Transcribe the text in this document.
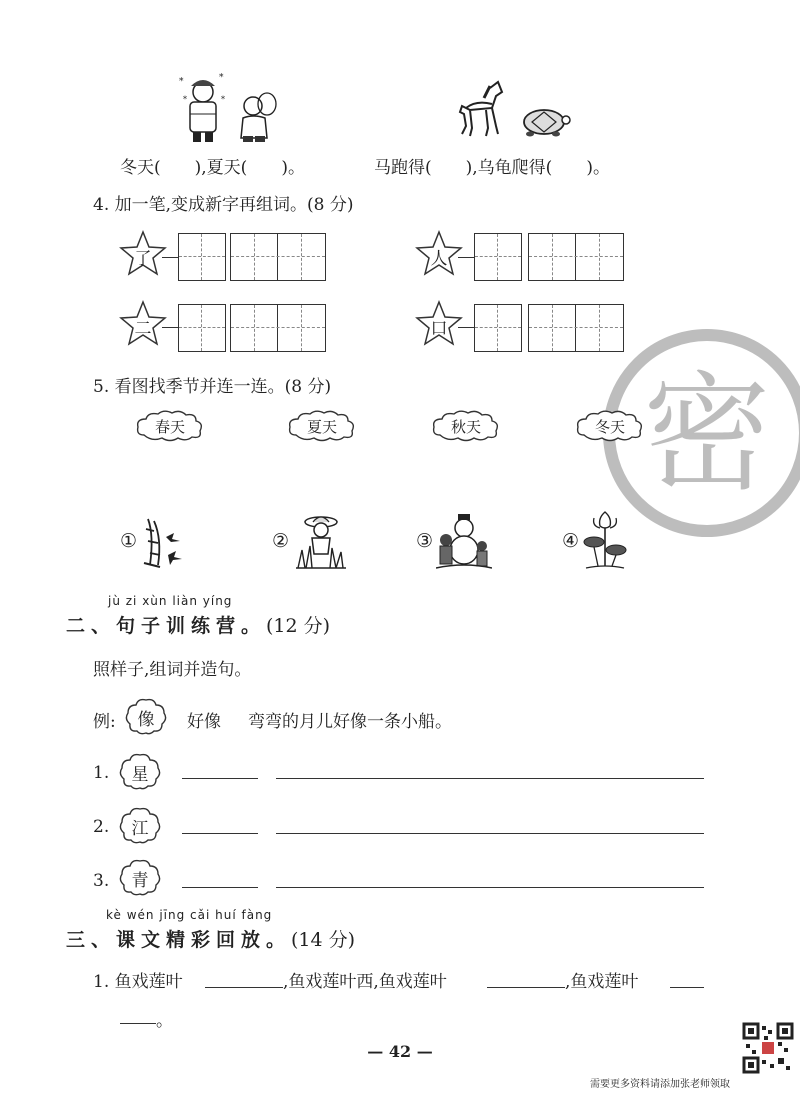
*	*
*	*
冬天( ),夏天( )。	马跑得( ),乌龟爬得( )。
4. 加一笔,变成新字再组词。(8 分)
了	人
二	口
密
5. 看图找季节并连一连。(8 分)
春天	夏天	秋天	冬天
①	②	③	④
jù zi xùn liàn yíng
二、句子训练营。(12 分)
照样子,组词并造句。
例:	像	好像 弯弯的月儿好像一条小船。
1.	星
2.	江
3.	青
kè wén jīng cǎi huí fàng
三、课文精彩回放。(14 分)
1. 鱼戏莲叶	,鱼戏莲叶西,鱼戏莲叶	,鱼戏莲叶
。
— 42 —
需要更多资料请添加张老师领取
